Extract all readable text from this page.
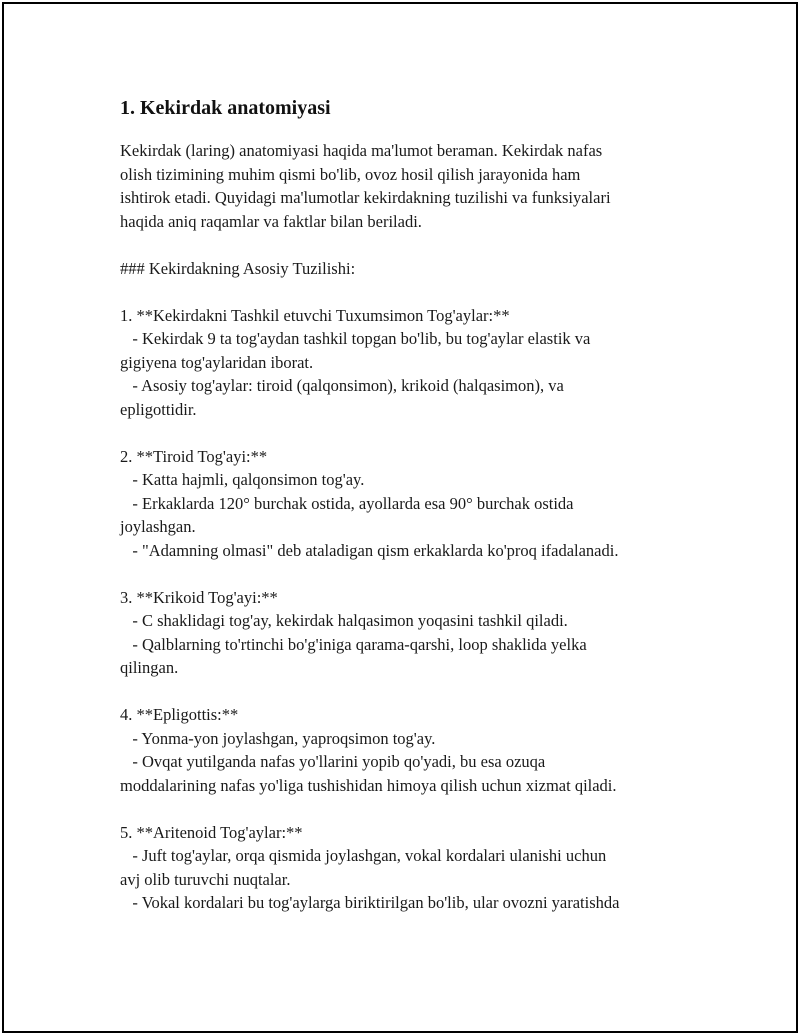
1. Kekirdak anatomiyasi
Kekirdak (laring) anatomiyasi haqida ma'lumot beraman. Kekirdak nafas
olish tizimining muhim qismi bo'lib, ovoz hosil qilish jarayonida ham
ishtirok etadi. Quyidagi ma'lumotlar kekirdakning tuzilishi va funksiyalari
haqida aniq raqamlar va faktlar bilan beriladi.
### Kekirdakning Asosiy Tuzilishi:
1. **Kekirdakni Tashkil etuvchi Tuxumsimon Tog'aylar:**
- Kekirdak 9 ta tog'aydan tashkil topgan bo'lib, bu tog'aylar elastik va
gigiyena tog'aylaridan iborat.
- Asosiy tog'aylar: tiroid (qalqonsimon), krikoid (halqasimon), va
epligottidir.
2. **Tiroid Tog'ayi:**
- Katta hajmli, qalqonsimon tog'ay.
- Erkaklarda 120° burchak ostida, ayollarda esa 90° burchak ostida
joylashgan.
- "Adamning olmasi" deb ataladigan qism erkaklarda ko'proq ifadalanadi.
3. **Krikoid Tog'ayi:**
- C shaklidagi tog'ay, kekirdak halqasimon yoqasini tashkil qiladi.
- Qalblarning to'rtinchi bo'g'iniga qarama-qarshi, loop shaklida yelka
qilingan.
4. **Epligottis:**
- Yonma-yon joylashgan, yaproqsimon tog'ay.
- Ovqat yutilganda nafas yo'llarini yopib qo'yadi, bu esa ozuqa
moddalarining nafas yo'liga tushishidan himoya qilish uchun xizmat qiladi.
5. **Aritenoid Tog'aylar:**
- Juft tog'aylar, orqa qismida joylashgan, vokal kordalari ulanishi uchun
avj olib turuvchi nuqtalar.
- Vokal kordalari bu tog'aylarga biriktirilgan bo'lib, ular ovozni yaratishda
